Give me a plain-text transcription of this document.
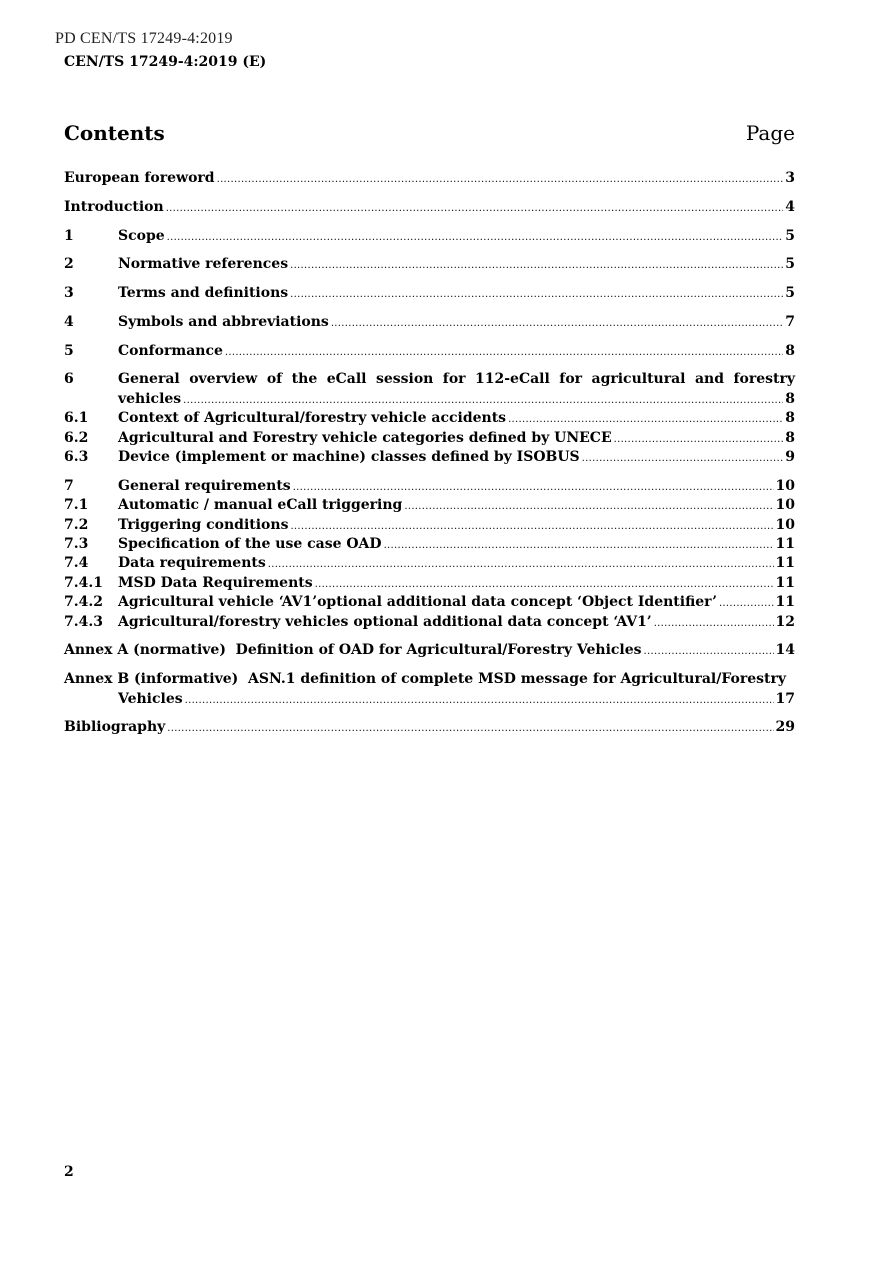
PD CEN/TS 17249-4:2019
CEN/TS 17249-4:2019 (E)
Contents	Page
European foreword .....	3
Introduction .....	4
1	Scope .....	5
2	Normative references .....	5
3	Terms and definitions .....	5
4	Symbols and abbreviations .....	7
5	Conformance .....	8
6	General overview of the eCall session for 112-eCall for agricultural and forestry
vehicles .....	8
6.1	Context of Agricultural/forestry vehicle accidents .....	8
6.2	Agricultural and Forestry vehicle categories defined by UNECE .....	8
6.3	Device (implement or machine) classes defined by ISOBUS .....	9
7	General requirements .....	10
7.1	Automatic / manual eCall triggering .....	10
7.2	Triggering conditions .....	10
7.3	Specification of the use case OAD .....	11
7.4	Data requirements .....	11
7.4.1	MSD Data Requirements .....	11
7.4.2	Agricultural vehicle ‘AV1’optional additional data concept ‘Object Identifier’ .....	11
7.4.3	Agricultural/forestry vehicles optional additional data concept ‘AV1’ .....	12
Annex A (normative)  Definition of OAD for Agricultural/Forestry Vehicles .....	14
Annex B (informative)  ASN.1 definition of complete MSD message for Agricultural/Forestry
Vehicles .....	17
Bibliography .....	29
2
